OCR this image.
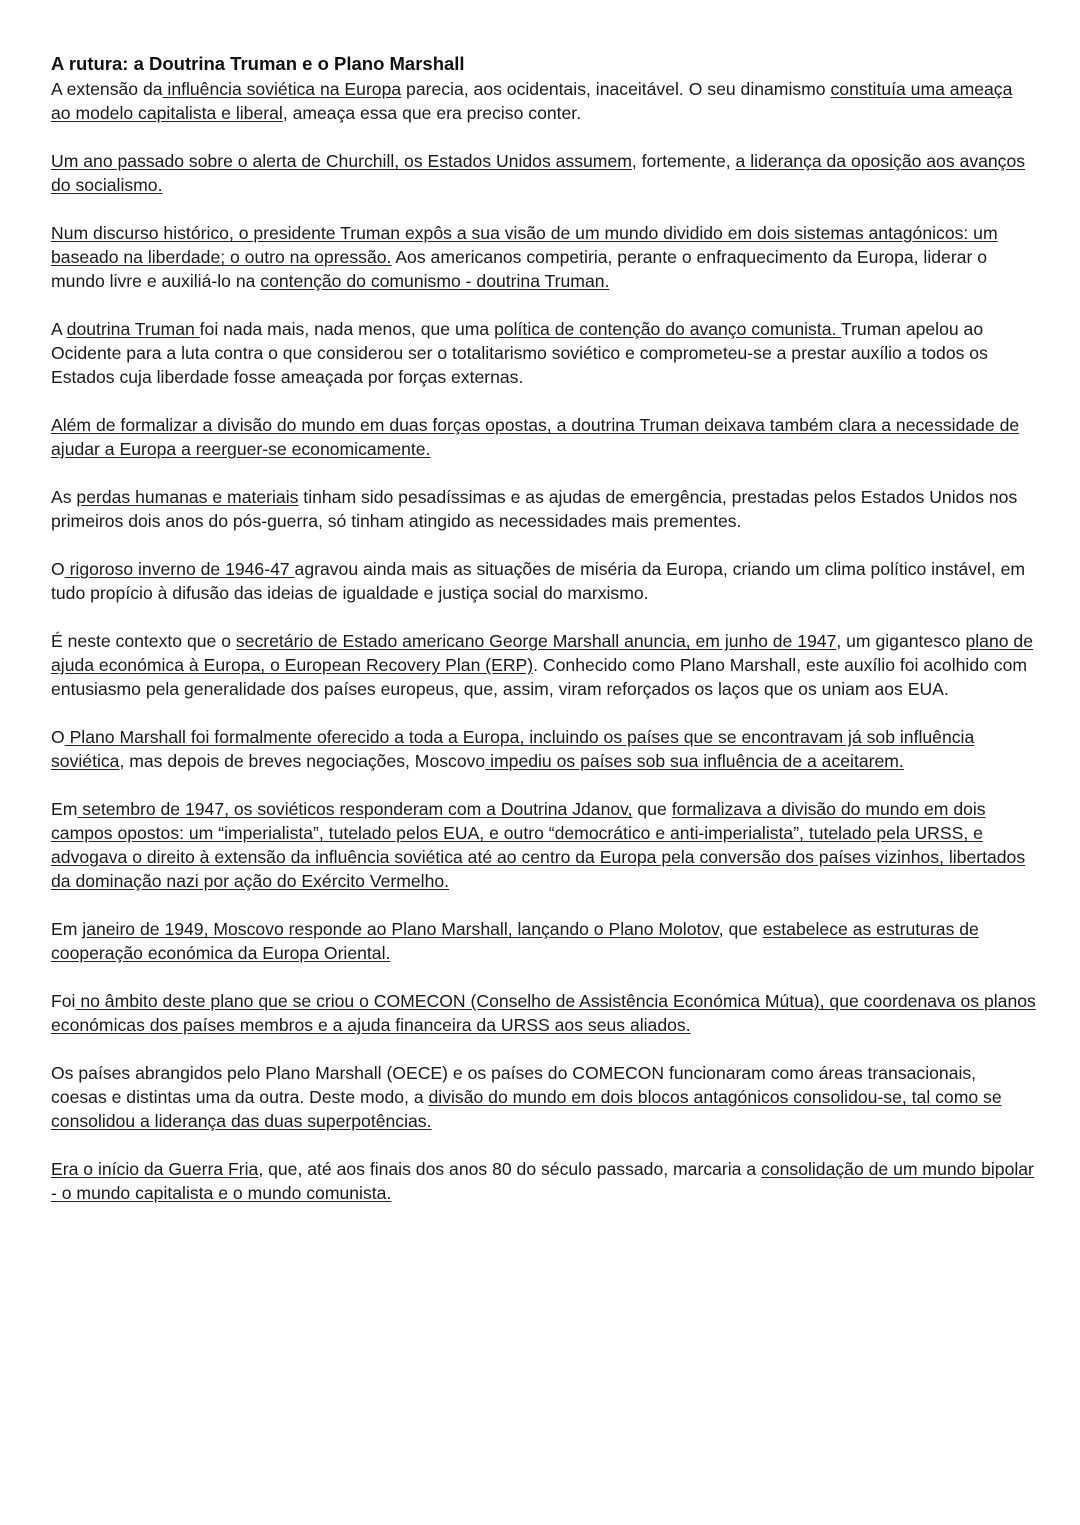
A rutura: a Doutrina Truman e o Plano Marshall

A extensão da influência soviética na Europa parecia, aos ocidentais, inaceitável. O seu dinamismo constituía uma ameaça ao modelo capitalista e liberal, ameaça essa que era preciso conter.

Um ano passado sobre o alerta de Churchill, os Estados Unidos assumem, fortemente, a liderança da oposição aos avanços do socialismo.

Num discurso histórico, o presidente Truman expôs a sua visão de um mundo dividido em dois sistemas antagónicos: um baseado na liberdade; o outro na opressão. Aos americanos competiria, perante o enfraquecimento da Europa, liderar o mundo livre e auxiliá-lo na contenção do comunismo - doutrina Truman.

A doutrina Truman foi nada mais, nada menos, que uma política de contenção do avanço comunista. Truman apelou ao Ocidente para a luta contra o que considerou ser o totalitarismo soviético e comprometeu-se a prestar auxílio a todos os Estados cuja liberdade fosse ameaçada por forças externas.

Além de formalizar a divisão do mundo em duas forças opostas, a doutrina Truman deixava também clara a necessidade de ajudar a Europa a reerguer-se economicamente.

As perdas humanas e materiais tinham sido pesadíssimas e as ajudas de emergência, prestadas pelos Estados Unidos nos primeiros dois anos do pós-guerra, só tinham atingido as necessidades mais prementes.

O rigoroso inverno de 1946-47 agravou ainda mais as situações de miséria da Europa, criando um clima político instável, em tudo propício à difusão das ideias de igualdade e justiça social do marxismo.

É neste contexto que o secretário de Estado americano George Marshall anuncia, em junho de 1947, um gigantesco plano de ajuda económica à Europa, o European Recovery Plan (ERP). Conhecido como Plano Marshall, este auxílio foi acolhido com entusiasmo pela generalidade dos países europeus, que, assim, viram reforçados os laços que os uniam aos EUA.

O Plano Marshall foi formalmente oferecido a toda a Europa, incluindo os países que se encontravam já sob influência soviética, mas depois de breves negociações, Moscovo impediu os países sob sua influência de a aceitarem.

Em setembro de 1947, os soviéticos responderam com a Doutrina Jdanov, que formalizava a divisão do mundo em dois campos opostos: um “imperialista”, tutelado pelos EUA, e outro “democrático e anti-imperialista”, tutelado pela URSS, e advogava o direito à extensão da influência soviética até ao centro da Europa pela conversão dos países vizinhos, libertados da dominação nazi por ação do Exército Vermelho.

Em janeiro de 1949, Moscovo responde ao Plano Marshall, lançando o Plano Molotov, que estabelece as estruturas de cooperação económica da Europa Oriental.

Foi no âmbito deste plano que se criou o COMECON (Conselho de Assistência Económica Mútua), que coordenava os planos económicas dos países membros e a ajuda financeira da URSS aos seus aliados.

Os países abrangidos pelo Plano Marshall (OECE) e os países do COMECON funcionaram como áreas transacionais, coesas e distintas uma da outra. Deste modo, a divisão do mundo em dois blocos antagónicos consolidou-se, tal como se consolidou a liderança das duas superpotências.

Era o início da Guerra Fria, que, até aos finais dos anos 80 do século passado, marcaria a consolidação de um mundo bipolar - o mundo capitalista e o mundo comunista.
